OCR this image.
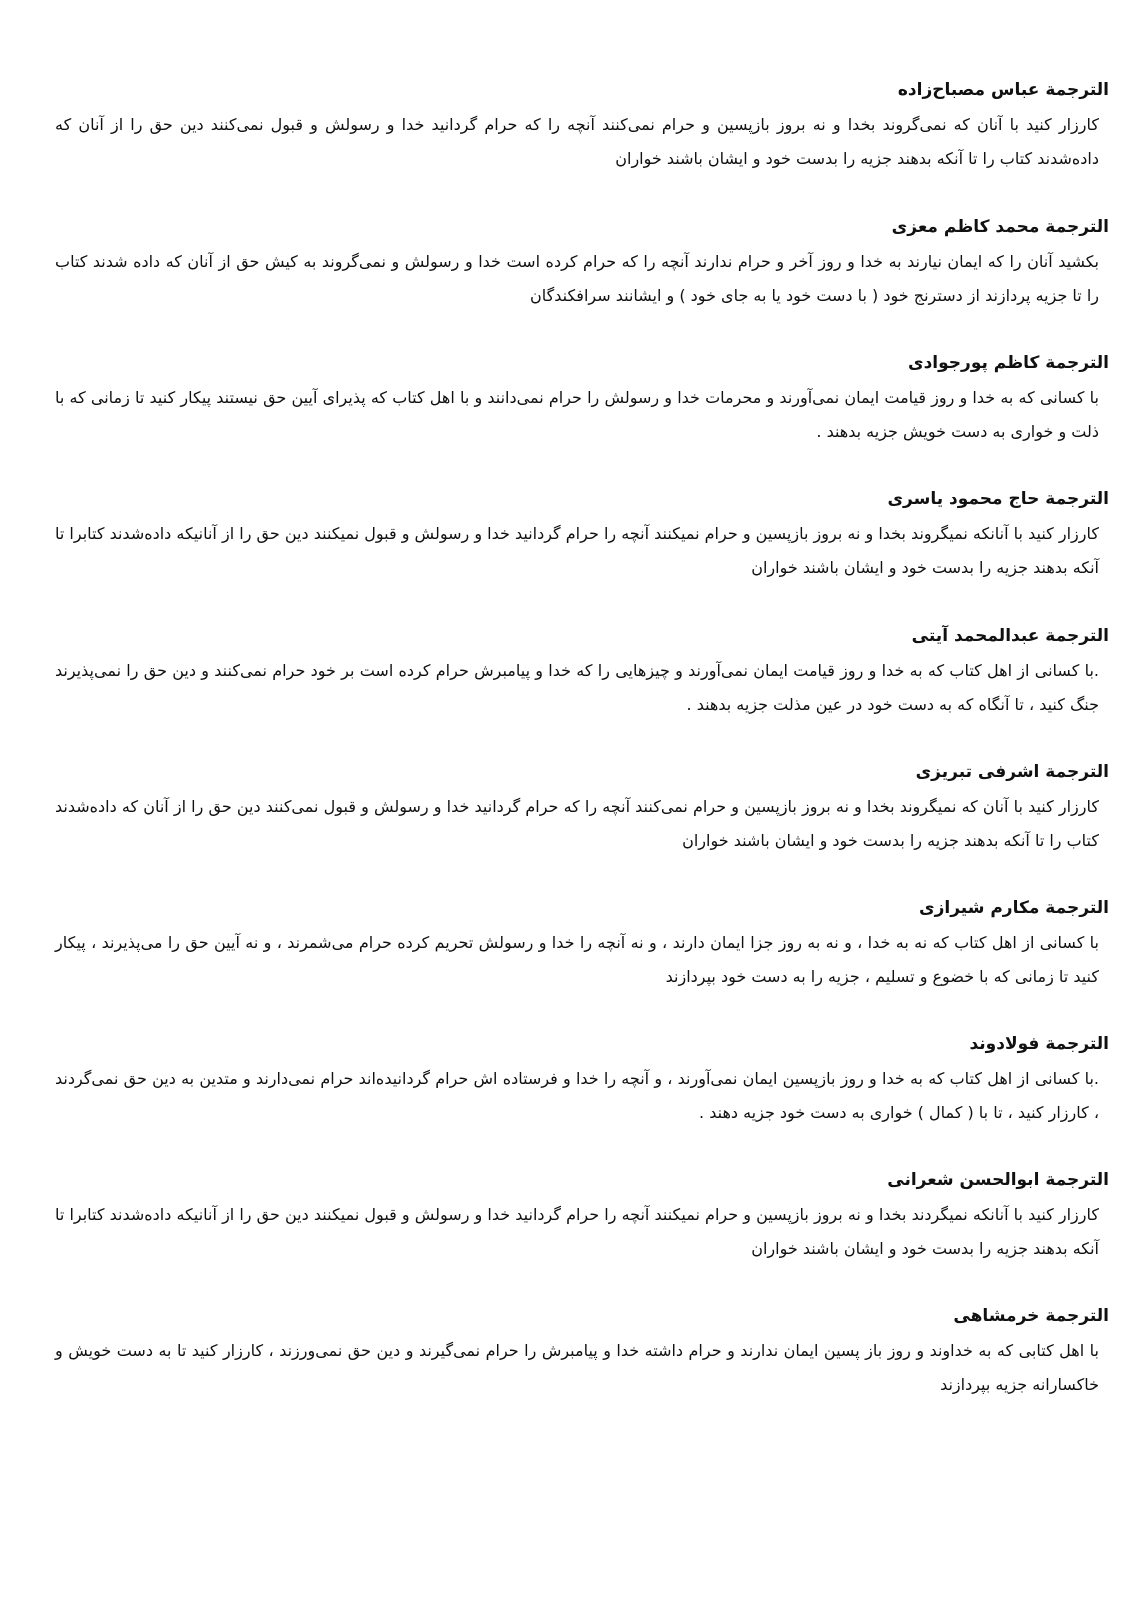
الترجمة عباس مصباح‌زاده

کارزار کنید با آنان که نمی‌گروند بخدا و نه بروز بازپسین و حرام نمی‌کنند آنچه را که حرام گردانید خدا و رسولش و قبول نمی‌کنند دین حق را از آنان که داده‌شدند کتاب را تا آنکه بدهند جزیه را بدست خود و ایشان باشند خواران

الترجمة محمد کاظم معزی

بکشید آنان را که ایمان نیارند به خدا و روز آخر و حرام ندارند آنچه را که حرام کرده است خدا و رسولش و نمی‌گروند به کیش حق از آنان که داده شدند کتاب را تا جزیه پردازند از دسترنج خود ( با دست خود یا به جای خود ) و ایشانند سرافکندگان

الترجمة کاظم پورجوادی

با کسانی که به خدا و روز قیامت ایمان نمی‌آورند و محرمات خدا و رسولش را حرام نمی‌دانند و با اهل کتاب که پذیرای آیین حق نیستند پیکار کنید تا زمانی که با ذلت و خواری به دست خویش جزیه بدهند .

الترجمة حاج محمود یاسری

کارزار کنید با آنانکه نمیگروند بخدا و نه بروز بازپسین و حرام نمیکنند آنچه را حرام گردانید خدا و رسولش و قبول نمیکنند دین حق را از آنانیکه داده‌شدند کتابرا تا آنکه بدهند جزیه را بدست خود و ایشان باشند خواران

الترجمة عبدالمحمد آیتی

.با کسانی از اهل کتاب که به خدا و روز قیامت ایمان نمی‌آورند و چیزهایی را که خدا و پیامبرش حرام کرده است بر خود حرام نمی‌کنند و دین حق را نمی‌پذیرند جنگ کنید ، تا آنگاه که به دست خود در عین مذلت جزیه بدهند .

الترجمة اشرفی تبریزی

کارزار کنید با آنان که نمیگروند بخدا و نه بروز بازپسین و حرام نمی‌کنند آنچه را که حرام گردانید خدا و رسولش و قبول نمی‌کنند دین حق را از آنان که داده‌شدند کتاب را تا آنکه بدهند جزیه را بدست خود و ایشان باشند خواران

الترجمة مکارم شیرازی

با کسانی از اهل کتاب که نه به خدا ، و نه به روز جزا ایمان دارند ، و نه آنچه را خدا و رسولش تحریم کرده حرام می‌شمرند ، و نه آیین حق را می‌پذیرند ، پیکار کنید تا زمانی که با خضوع و تسلیم ، جزیه را به دست خود بپردازند

الترجمة فولادوند

.با کسانی از اهل کتاب که به خدا و روز بازپسین ایمان نمی‌آورند ، و آنچه را خدا و فرستاده اش حرام گردانیده‌اند حرام نمی‌دارند و متدین به دین حق نمی‌گردند ، کارزار کنید ، تا با ( کمال ) خواری به دست خود جزیه دهند .

الترجمة ابوالحسن شعرانی

کارزار کنید با آنانکه نمیگردند بخدا و نه بروز بازپسین و حرام نمیکنند آنچه را حرام گردانید خدا و رسولش و قبول نمیکنند دین حق را از آنانیکه داده‌شدند کتابرا تا آنکه بدهند جزیه را بدست خود و ایشان باشند خواران

الترجمة خرمشاهی

با اهل کتابی که به خداوند و روز باز پسین ایمان ندارند و حرام داشته خدا و پیامبرش را حرام نمی‌گیرند و دین حق نمی‌ورزند ، کارزار کنید تا به دست خویش و خاکسارانه جزیه بپردازند
